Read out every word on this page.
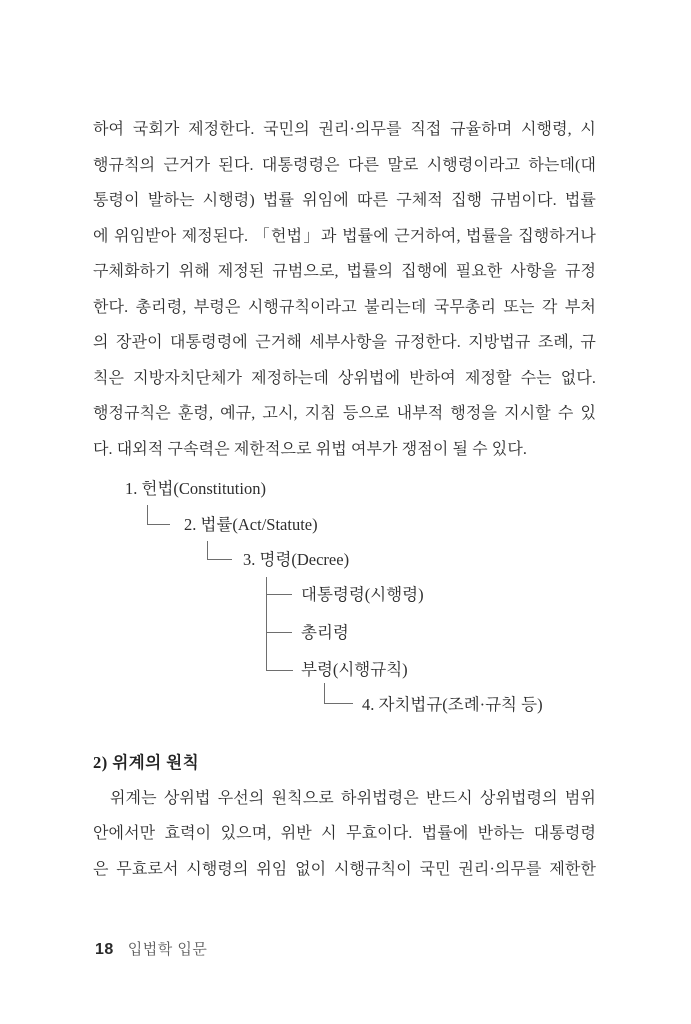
하여 국회가 제정한다. 국민의 권리·의무를 직접 규율하며 시행령, 시
행규칙의 근거가 된다. 대통령령은 다른 말로 시행령이라고 하는데(대
통령이 발하는 시행령) 법률 위임에 따른 구체적 집행 규범이다. 법률
에 위임받아 제정된다. 「헌법」과 법률에 근거하여, 법률을 집행하거나
구체화하기 위해 제정된 규범으로, 법률의 집행에 필요한 사항을 규정
한다. 총리령, 부령은 시행규칙이라고 불리는데 국무총리 또는 각 부처
의 장관이 대통령령에 근거해 세부사항을 규정한다. 지방법규 조례, 규
칙은 지방자치단체가 제정하는데 상위법에 반하여 제정할 수는 없다.
행정규칙은 훈령, 예규, 고시, 지침 등으로 내부적 행정을 지시할 수 있
다. 대외적 구속력은 제한적으로 위법 여부가 쟁점이 될 수 있다.
1. 헌법(Constitution)
2. 법률(Act/Statute)
3. 명령(Decree)
대통령령(시행령)
총리령
부령(시행규칙)
4. 자치법규(조례·규칙 등)
2) 위계의 원칙
위계는 상위법 우선의 원칙으로 하위법령은 반드시 상위법령의 범위
안에서만 효력이 있으며, 위반 시 무효이다. 법률에 반하는 대통령령
은 무효로서 시행령의 위임 없이 시행규칙이 국민 권리·의무를 제한한
18 입법학 입문
